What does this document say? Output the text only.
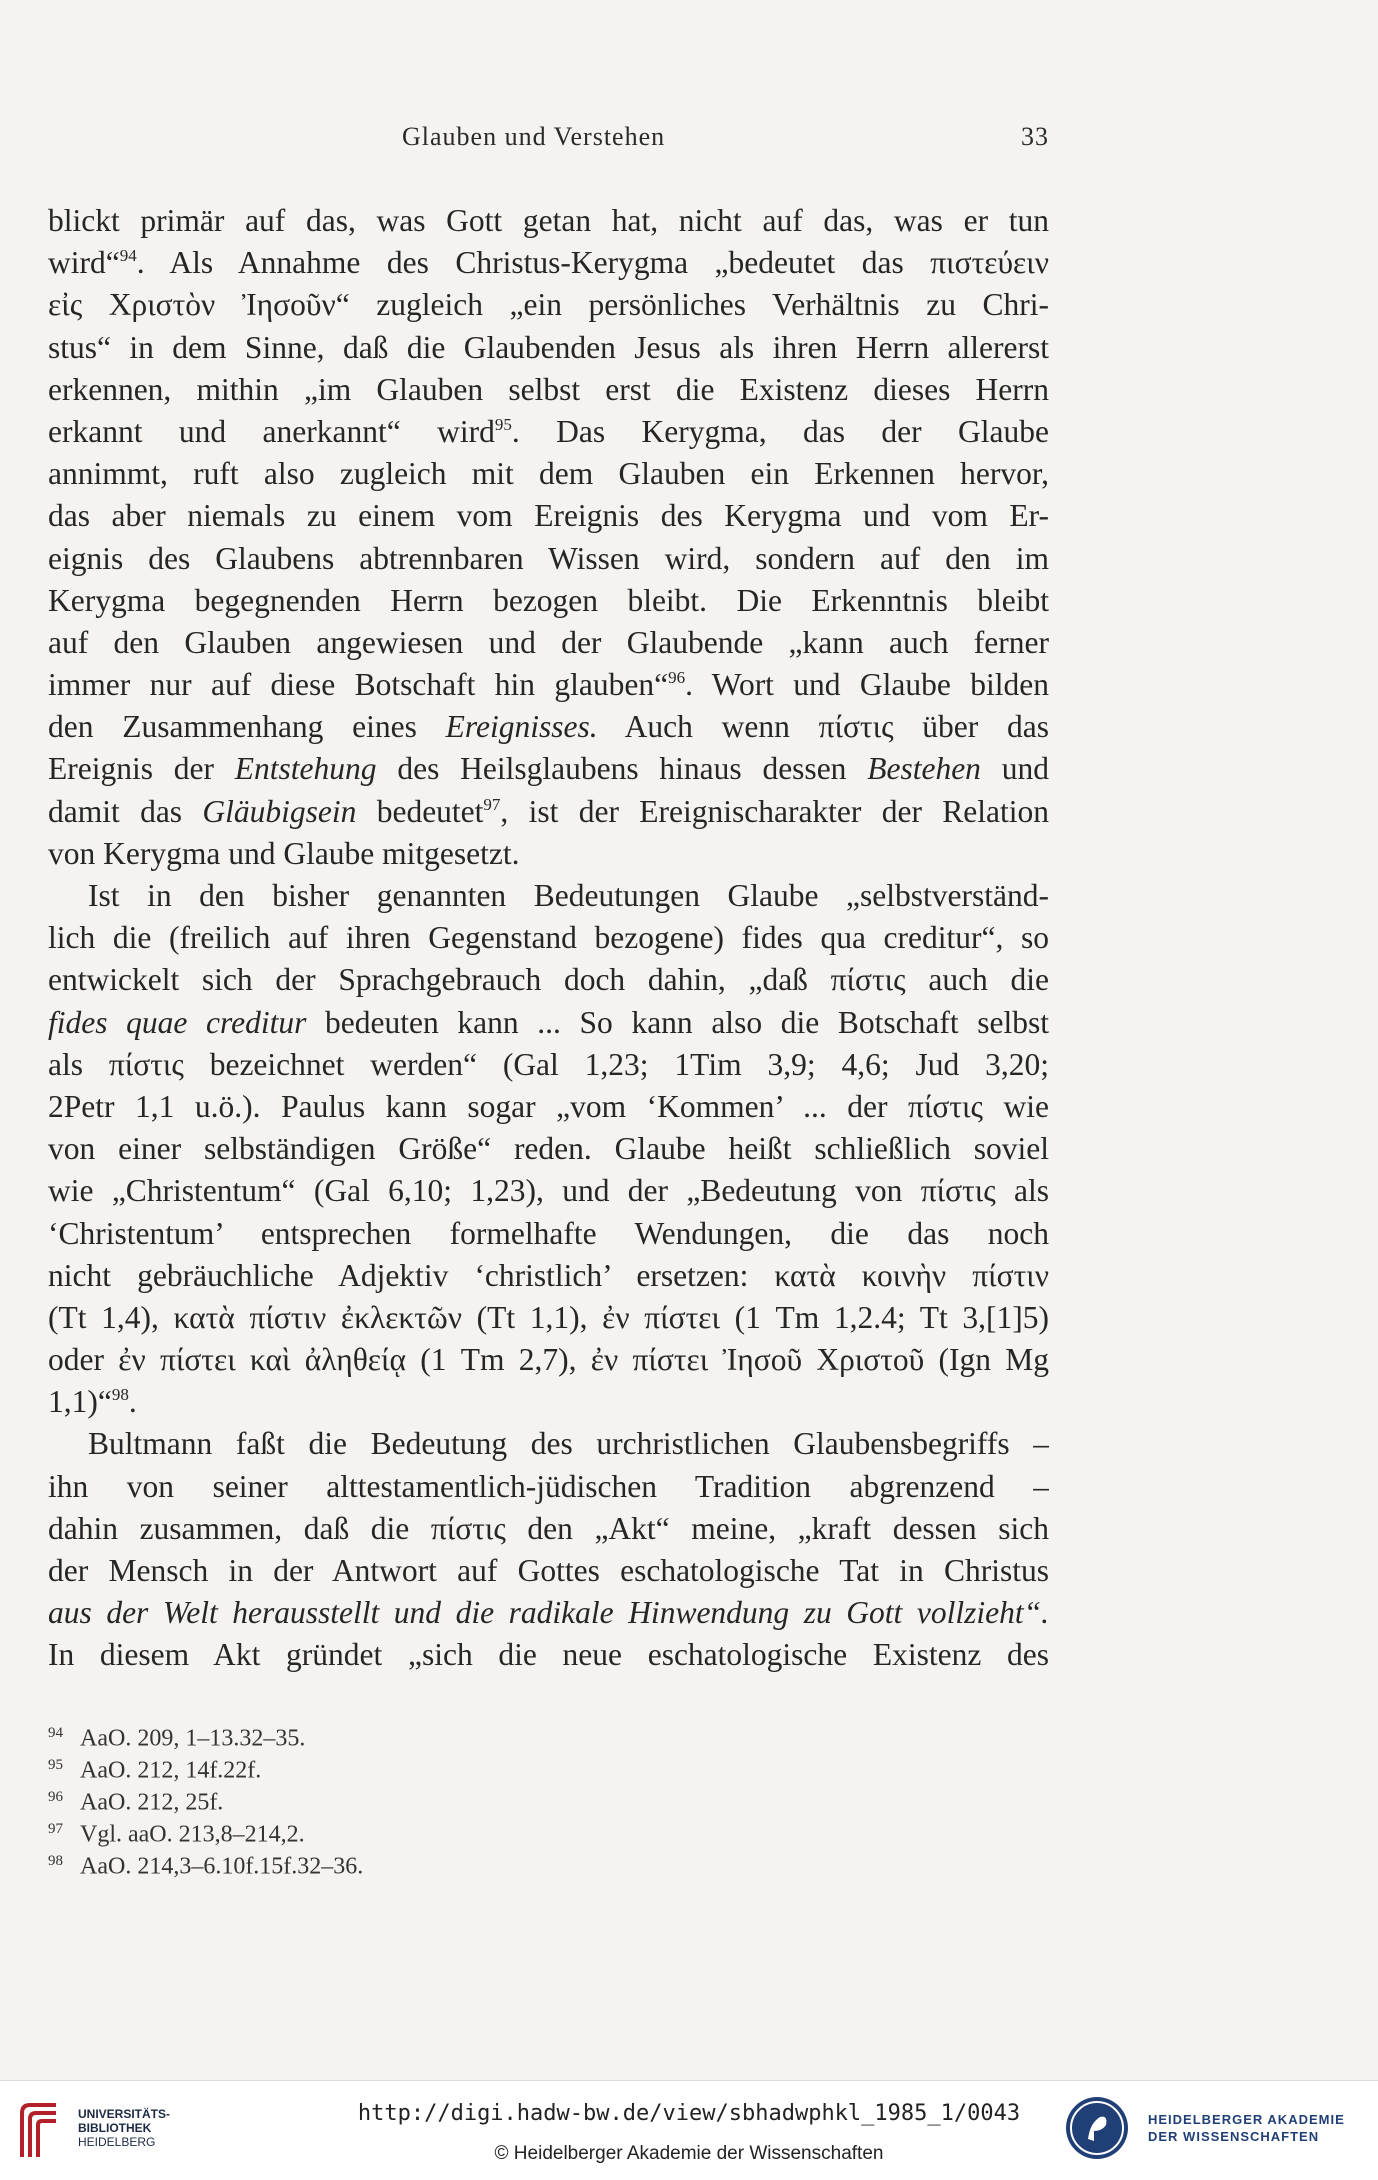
Glauben und Verstehen	33
blickt primär auf das, was Gott getan hat, nicht auf das, was er tun
wird“$^{94}$. Als Annahme des Christus-Kerygma „bedeutet das πιστεύειν
εἰς Χριστὸν Ἰησοῦν“ zugleich „ein persönliches Verhältnis zu Chri-
stus“ in dem Sinne, daß die Glaubenden Jesus als ihren Herrn allererst
erkennen, mithin „im Glauben selbst erst die Existenz dieses Herrn
erkannt und anerkannt“ wird$^{95}$. Das Kerygma, das der Glaube
annimmt, ruft also zugleich mit dem Glauben ein Erkennen hervor,
das aber niemals zu einem vom Ereignis des Kerygma und vom Er-
eignis des Glaubens abtrennbaren Wissen wird, sondern auf den im
Kerygma begegnenden Herrn bezogen bleibt. Die Erkenntnis bleibt
auf den Glauben angewiesen und der Glaubende „kann auch ferner
immer nur auf diese Botschaft hin glauben“$^{96}$. Wort und Glaube bilden
den Zusammenhang eines Ereignisses. Auch wenn πίστις über das
Ereignis der Entstehung des Heilsglaubens hinaus dessen Bestehen und
damit das Gläubigsein bedeutet$^{97}$, ist der Ereignischarakter der Relation
von Kerygma und Glaube mitgesetzt.
Ist in den bisher genannten Bedeutungen Glaube „selbstverständ-
lich die (freilich auf ihren Gegenstand bezogene) fides qua creditur“, so
entwickelt sich der Sprachgebrauch doch dahin, „daß πίστις auch die
fides quae creditur bedeuten kann ... So kann also die Botschaft selbst
als πίστις bezeichnet werden“ (Gal 1,23; 1Tim 3,9; 4,6; Jud 3,20;
2Petr 1,1 u.ö.). Paulus kann sogar „vom ‘Kommen’ ... der πίστις wie
von einer selbständigen Größe“ reden. Glaube heißt schließlich soviel
wie „Christentum“ (Gal 6,10; 1,23), und der „Bedeutung von πίστις als
‘Christentum’ entsprechen formelhafte Wendungen, die das noch
nicht gebräuchliche Adjektiv ‘christlich’ ersetzen: κατὰ κοινὴν πίστιν
(Tt 1,4), κατὰ πίστιν ἐκλεκτῶν (Tt 1,1), ἐν πίστει (1 Tm 1,2.4; Tt 3,[1]5)
oder ἐν πίστει καὶ ἀληθείᾳ (1 Tm 2,7), ἐν πίστει Ἰησοῦ Χριστοῦ (Ign Mg
1,1)“$^{98}$.
Bultmann faßt die Bedeutung des urchristlichen Glaubensbegriffs –
ihn von seiner alttestamentlich-jüdischen Tradition abgrenzend –
dahin zusammen, daß die πίστις den „Akt“ meine, „kraft dessen sich
der Mensch in der Antwort auf Gottes eschatologische Tat in Christus
aus der Welt herausstellt und die radikale Hinwendung zu Gott vollzieht“.
In diesem Akt gründet „sich die neue eschatologische Existenz des
94 AaO. 209, 1–13.32–35.
95 AaO. 212, 14f.22f.
96 AaO. 212, 25f.
97 Vgl. aaO. 213,8–214,2.
98 AaO. 214,3–6.10f.15f.32–36.
UNIVERSITÄTS-
BIBLIOTHEK
HEIDELBERG
http://digi.hadw-bw.de/view/sbhadwphkl_1985_1/0043
© Heidelberger Akademie der Wissenschaften
HEIDELBERGER AKADEMIE
DER WISSENSCHAFTEN
